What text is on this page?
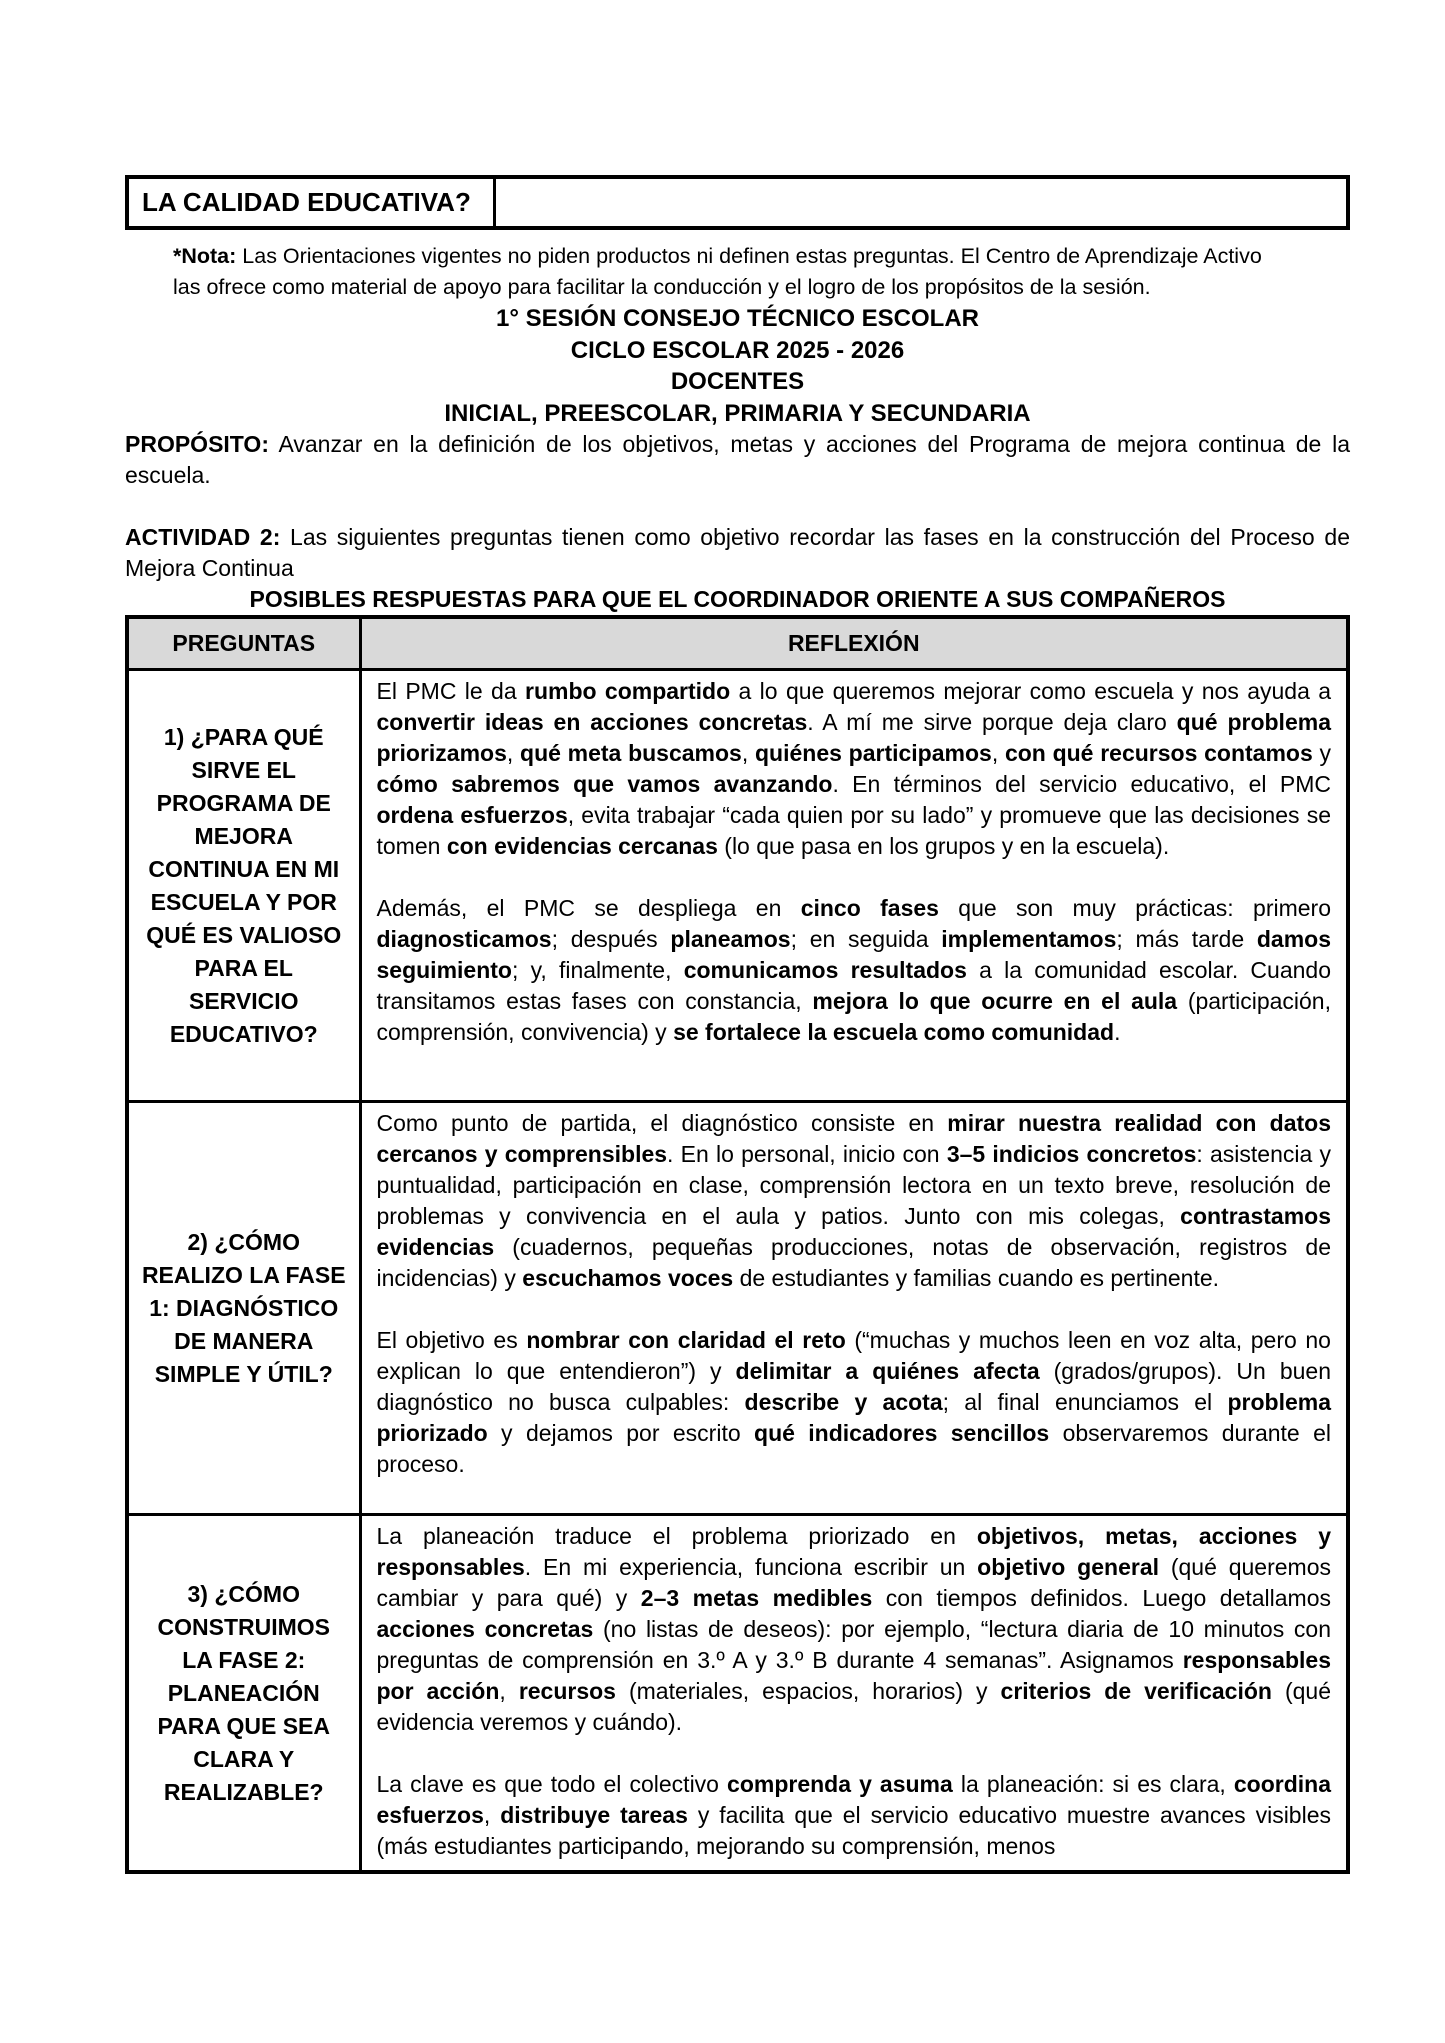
LA CALIDAD EDUCATIVA?

*Nota: Las Orientaciones vigentes no piden productos ni definen estas preguntas. El Centro de Aprendizaje Activo las ofrece como material de apoyo para facilitar la conducción y el logro de los propósitos de la sesión.

1° SESIÓN CONSEJO TÉCNICO ESCOLAR
CICLO ESCOLAR 2025 - 2026
DOCENTES
INICIAL, PREESCOLAR, PRIMARIA Y SECUNDARIA

PROPÓSITO: Avanzar en la definición de los objetivos, metas y acciones del Programa de mejora continua de la escuela.

ACTIVIDAD 2: Las siguientes preguntas tienen como objetivo recordar las fases en la construcción del Proceso de Mejora Continua

POSIBLES RESPUESTAS PARA QUE EL COORDINADOR ORIENTE A SUS COMPAÑEROS
PREGUNTAS	REFLEXIÓN
1) ¿PARA QUÉ SIRVE EL PROGRAMA DE MEJORA CONTINUA EN MI ESCUELA Y POR QUÉ ES VALIOSO PARA EL SERVICIO EDUCATIVO?	El PMC le da rumbo compartido a lo que queremos mejorar como escuela y nos ayuda a convertir ideas en acciones concretas. A mí me sirve porque deja claro qué problema priorizamos, qué meta buscamos, quiénes participamos, con qué recursos contamos y cómo sabremos que vamos avanzando. En términos del servicio educativo, el PMC ordena esfuerzos, evita trabajar “cada quien por su lado” y promueve que las decisiones se tomen con evidencias cercanas (lo que pasa en los grupos y en la escuela).

Además, el PMC se despliega en cinco fases que son muy prácticas: primero diagnosticamos; después planeamos; en seguida implementamos; más tarde damos seguimiento; y, finalmente, comunicamos resultados a la comunidad escolar. Cuando transitamos estas fases con constancia, mejora lo que ocurre en el aula (participación, comprensión, convivencia) y se fortalece la escuela como comunidad.

2) ¿CÓMO REALIZO LA FASE 1: DIAGNÓSTICO DE MANERA SIMPLE Y ÚTIL?	Como punto de partida, el diagnóstico consiste en mirar nuestra realidad con datos cercanos y comprensibles. En lo personal, inicio con 3–5 indicios concretos: asistencia y puntualidad, participación en clase, comprensión lectora en un texto breve, resolución de problemas y convivencia en el aula y patios. Junto con mis colegas, contrastamos evidencias (cuadernos, pequeñas producciones, notas de observación, registros de incidencias) y escuchamos voces de estudiantes y familias cuando es pertinente.

El objetivo es nombrar con claridad el reto (“muchas y muchos leen en voz alta, pero no explican lo que entendieron”) y delimitar a quiénes afecta (grados/grupos). Un buen diagnóstico no busca culpables: describe y acota; al final enunciamos el problema priorizado y dejamos por escrito qué indicadores sencillos observaremos durante el proceso.

3) ¿CÓMO CONSTRUIMOS LA FASE 2: PLANEACIÓN PARA QUE SEA CLARA Y REALIZABLE?	La planeación traduce el problema priorizado en objetivos, metas, acciones y responsables. En mi experiencia, funciona escribir un objetivo general (qué queremos cambiar y para qué) y 2–3 metas medibles con tiempos definidos. Luego detallamos acciones concretas (no listas de deseos): por ejemplo, “lectura diaria de 10 minutos con preguntas de comprensión en 3.º A y 3.º B durante 4 semanas”. Asignamos responsables por acción, recursos (materiales, espacios, horarios) y criterios de verificación (qué evidencia veremos y cuándo).

La clave es que todo el colectivo comprenda y asuma la planeación: si es clara, coordina esfuerzos, distribuye tareas y facilita que el servicio educativo muestre avances visibles (más estudiantes participando, mejorando su comprensión, menos
